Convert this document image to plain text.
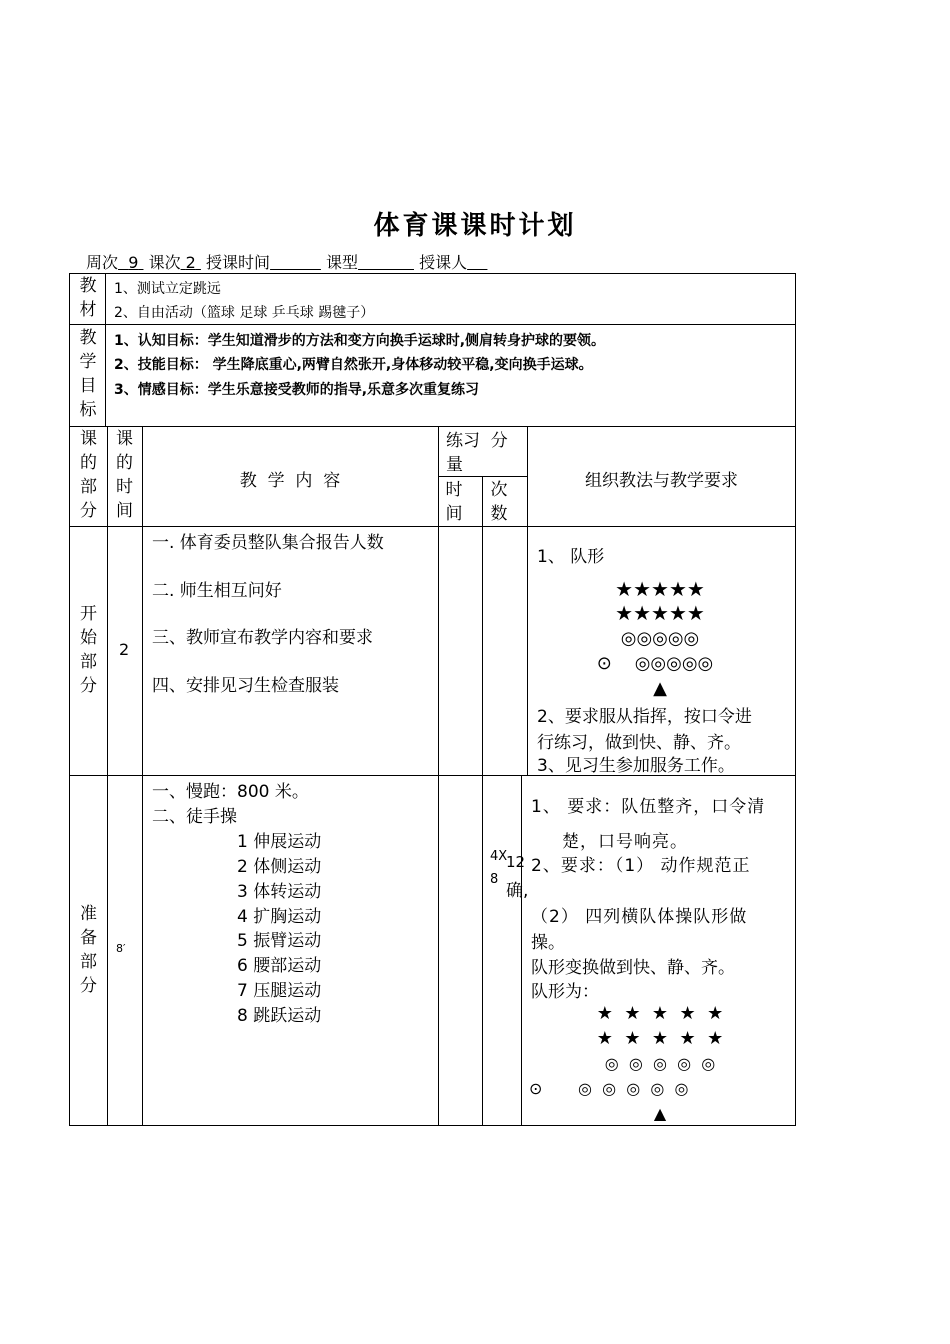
体育课课时计划
周次 9 课次 2 授课时间	课型	授课人
教材
1、测试立定跳远
2、自由活动（篮球 足球 乒乓球 踢毽子）
教学目标
1、认知目标：学生知道滑步的方法和变方向换手运球时,侧肩转身护球的要领。
2、技能目标： 学生降底重心,两臂自然张开,身体移动较平稳,变向换手运球。
3、情感目标：学生乐意接受教师的指导,乐意多次重复练习
课的部分
课的时间
教  学  内  容
练习  分量
时间
次数
组织教法与教学要求
开始部分
2
一. 体育委员整队集合报告人数
二. 师生相互问好
三、教师宣布教学内容和要求
四、安排见习生检查服装
1、 队形
★★★★★
★★★★★
◎◎◎◎◎
⊙    ◎◎◎◎◎
▲
2、要求服从指挥，按口令进
行练习，做到快、静、齐。
3、见习生参加服务工作。
准备部分
8′
一、慢跑：800 米。
二、徒手操
1 伸展运动
2 体侧运动
3 体转运动
4 扩胸运动
5 振臂运动
6 腰部运动
7 压腿运动
8 跳跃运动
4X
8
1、 要求：队伍整齐，口令清
楚，口号响亮。
12 2、要求：（1） 动作规范正
确,
（2） 四列横队体操队形做
操。
队形变换做到快、静、齐。
队形为：
★  ★  ★  ★  ★
★  ★  ★  ★  ★
◎  ◎  ◎  ◎  ◎
⊙       ◎  ◎  ◎  ◎  ◎
▲
